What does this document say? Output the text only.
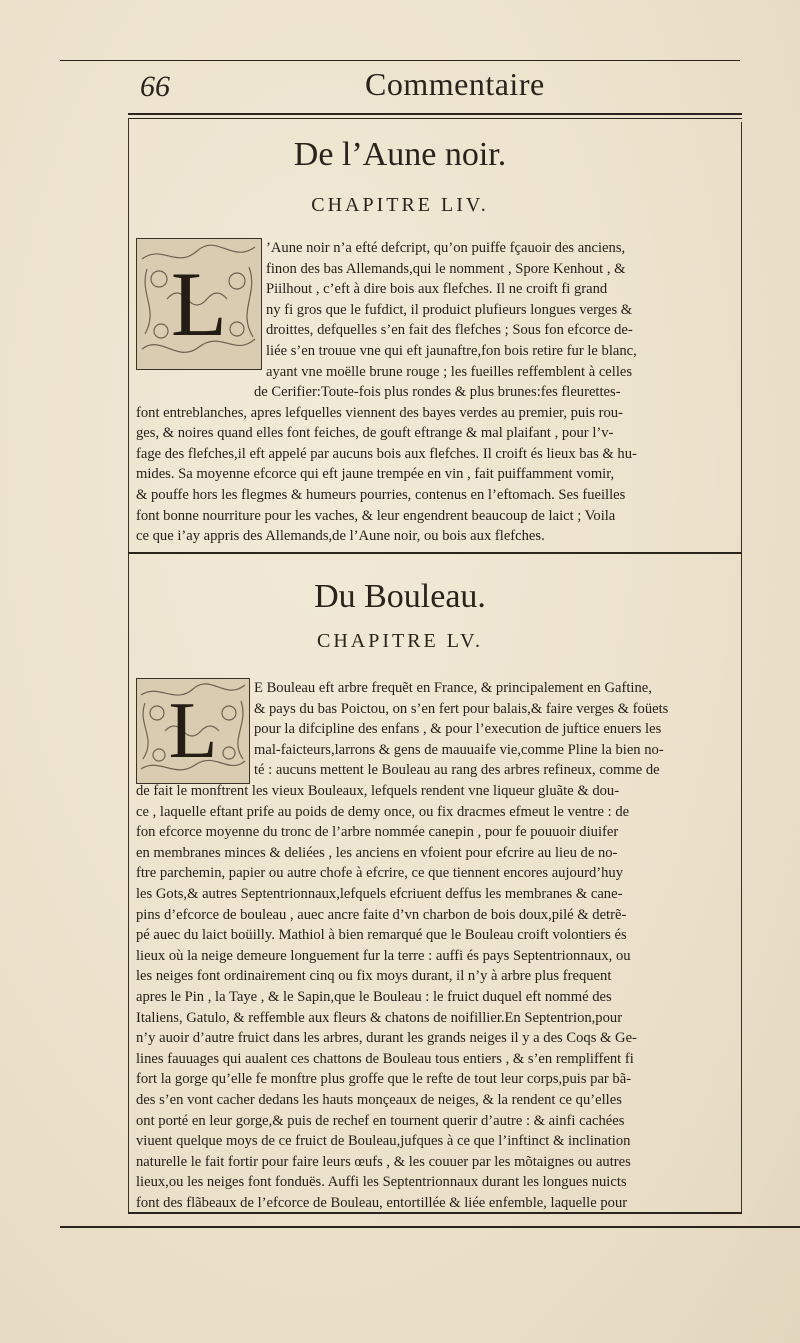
66	Commentaire
De l’Aune noir.
CHAPITRE LIV.
L
’Aune noir n’a efté defcript, qu’on puiffe fçauoir des anciens,
finon des bas Allemands,qui le nomment , Spore Kenhout , &
Piilhout , c’eft à dire bois aux flefches. Il ne croift fi grand
ny fi gros que le fufdict, il produict plufieurs longues verges &
droittes, defquelles s’en fait des flefches ; Sous fon efcorce de-
liée s’en trouue vne qui eft jaunaftre,fon bois retire fur le blanc,
ayant vne moëlle brune rouge ; les fueilles reffemblent à celles
de Cerifier:Toute-fois plus rondes & plus brunes:fes fleurettes-
font entreblanches, apres lefquelles viennent des bayes verdes au premier, puis rou-
ges, & noires quand elles font feiches, de gouft eftrange & mal plaifant , pour l’v-
fage des flefches,il eft appelé par aucuns bois aux flefches. Il croift és lieux bas & hu-
mides. Sa moyenne efcorce qui eft jaune trempée en vin , fait puiffamment vomir,
& pouffe hors les flegmes & humeurs pourries, contenus en l’eftomach. Ses fueilles
font bonne nourriture pour les vaches, & leur engendrent beaucoup de laict ; Voila
ce que i’ay appris des Allemands,de l’Aune noir, ou bois aux flefches.
Du Bouleau.
CHAPITRE LV.
L	E Bouleau eft arbre frequẽt en France, & principalement en Gaftine,
& pays du bas Poictou, on s’en fert pour balais,& faire verges & foüets
pour la difcipline des enfans , & pour l’execution de juftice enuers les
mal-faicteurs,larrons & gens de mauuaife vie,comme Pline la bien no-
té : aucuns mettent le Bouleau au rang des arbres refineux, comme de
de fait le monftrent les vieux Bouleaux, lefquels rendent vne liqueur gluãte & dou-
ce , laquelle eftant prife au poids de demy once, ou fix dracmes efmeut le ventre : de
fon efcorce moyenne du tronc de l’arbre nommée canepin , pour fe pouuoir diuifer
en membranes minces & deliées , les anciens en vfoient pour efcrire au lieu de no-
ftre parchemin, papier ou autre chofe à efcrire, ce que tiennent encores aujourd’huy
les Gots,& autres Septentrionnaux,lefquels efcriuent deffus les membranes & cane-
pins d’efcorce de bouleau , auec ancre faite d’vn charbon de bois doux,pilé & detrẽ-
pé auec du laict boüilly. Mathiol à bien remarqué que le Bouleau croift volontiers és
lieux où la neige demeure longuement fur la terre : auffi és pays Septentrionnaux, ou
les neiges font ordinairement cinq ou fix moys durant, il n’y à arbre plus frequent
apres le Pin , la Taye , & le Sapin,que le Bouleau : le fruict duquel eft nommé des
Italiens, Gatulo, & reffemble aux fleurs & chatons de noifillier.En Septentrion,pour
n’y auoir d’autre fruict dans les arbres, durant les grands neiges il y a des Coqs & Ge-
lines fauuages qui aualent ces chattons de Bouleau tous entiers , & s’en rempliffent fi
fort la gorge qu’elle fe monftre plus groffe que le refte de tout leur corps,puis par bã-
des s’en vont cacher dedans les hauts monçeaux de neiges, & la rendent ce qu’elles
ont porté en leur gorge,& puis de rechef en tournent querir d’autre : & ainfi cachées
viuent quelque moys de ce fruict de Bouleau,jufques à ce que l’inftinct & inclination
naturelle le fait fortir pour faire leurs œufs , & les couuer par les mõtaignes ou autres
lieux,ou les neiges font fonduës. Auffi les Septentrionnaux durant les longues nuicts
font des flãbeaux de l’efcorce de Bouleau, entortillée & liée enfemble, laquelle pour
